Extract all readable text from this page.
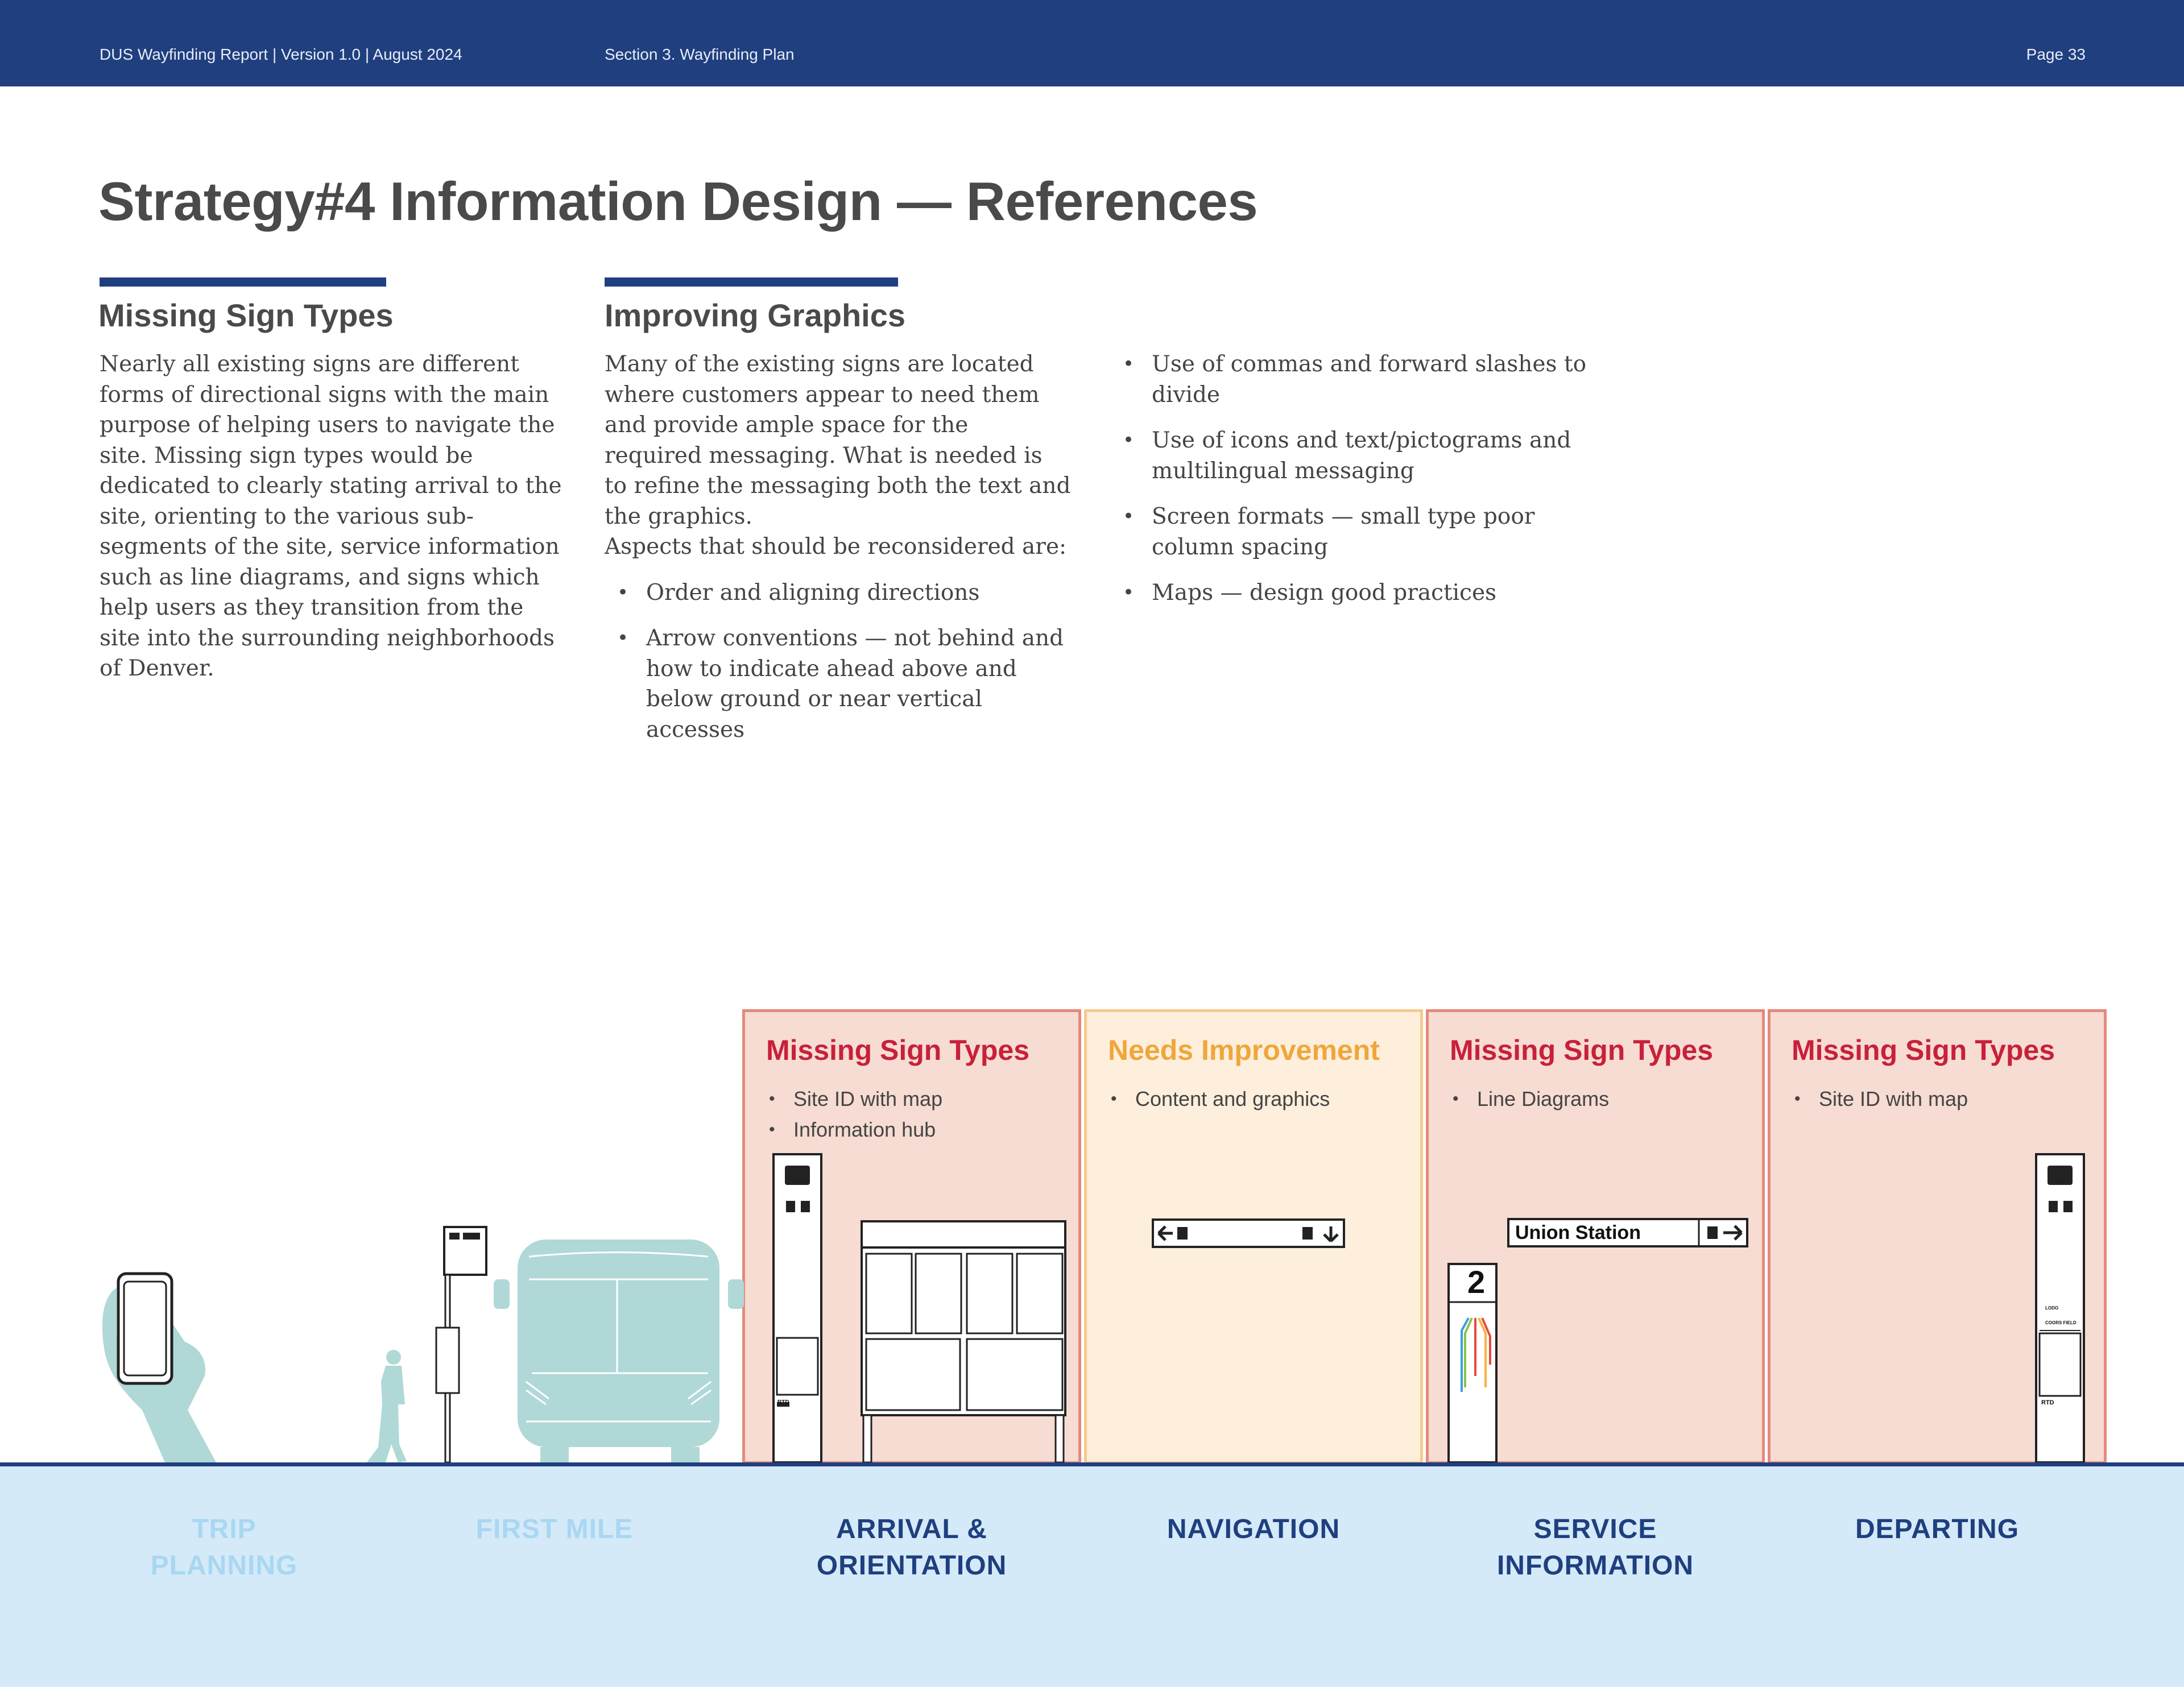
DUS Wayfinding Report | Version 1.0 | August 2024	Section 3. Wayfinding Plan	Page 33
Strategy#4 Information Design — References
Missing Sign Types	Improving Graphics

Nearly all existing signs are different forms of directional signs with the main purpose of helping users to navigate the site. Missing sign types would be dedicated to clearly stating arrival to the site, orienting to the various sub-segments of the site, service information such as line diagrams, and signs which help users as they transition from the site into the surrounding neighborhoods of Denver.

Many of the existing signs are located where customers appear to need them and provide ample space for the required messaging. What is needed is to refine the messaging both the text and the graphics.

Aspects that should be reconsidered are:

• Order and aligning directions
• Arrow conventions — not behind and how to indicate ahead above and below ground or near vertical accesses
• Use of commas and forward slashes to divide
• Use of icons and text/pictograms and multilingual messaging
• Screen formats — small type poor column spacing
• Maps — design good practices
Missing Sign Types
• Site ID with map
• Information hub
Needs Improvement
• Content and graphics
Missing Sign Types
• Line Diagrams
Missing Sign Types
• Site ID with map
Union Station
2
RTD	RTD
LODO
COORS FIELD
TRIP
PLANNING
FIRST MILE	ARRIVAL &
ORIENTATION
NAVIGATION	SERVICE
INFORMATION
DEPARTING
